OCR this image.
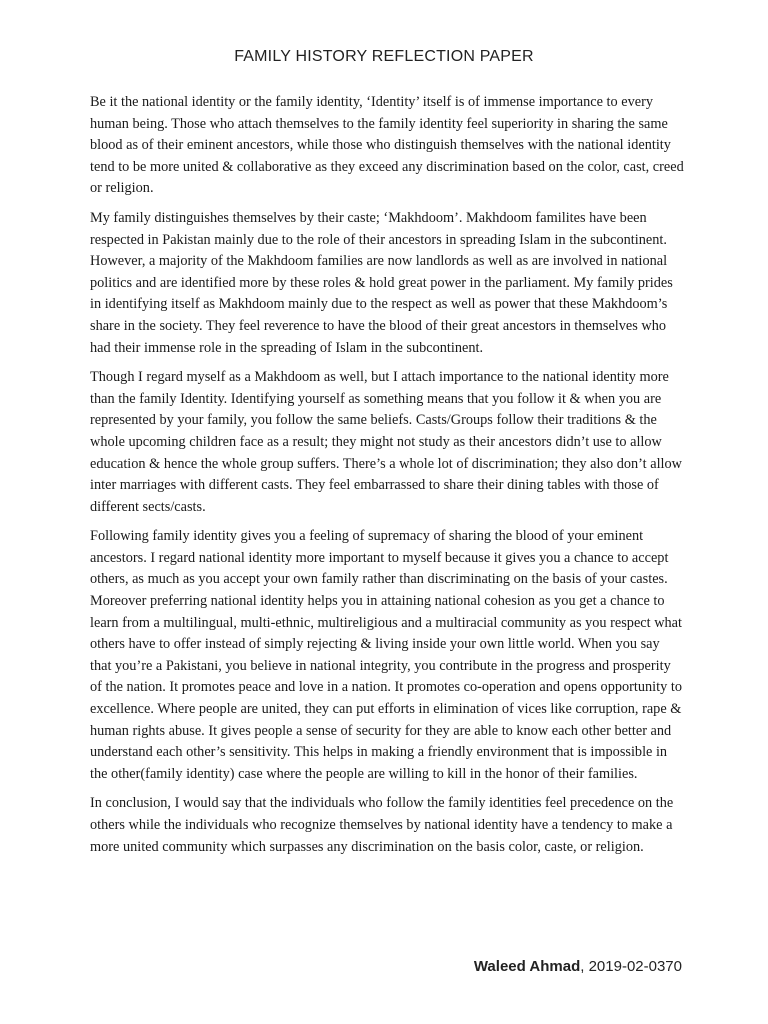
FAMILY HISTORY REFLECTION PAPER

Be it the national identity or the family identity, ‘Identity’ itself is of immense importance to every human being. Those who attach themselves to the family identity feel superiority in sharing the same blood as of their eminent ancestors, while those who distinguish themselves with the national identity tend to be more united & collaborative as they exceed any discrimination based on the color, cast, creed or religion.

My family distinguishes themselves by their caste; ‘Makhdoom’. Makhdoom familites have been respected in Pakistan mainly due to the role of their ancestors in spreading Islam in the subcontinent. However, a majority of the Makhdoom families are now landlords as well as are involved in national politics and are identified more by these roles & hold great power in the parliament. My family prides in identifying itself as Makhdoom mainly due to the respect as well as power that these Makhdoom’s share in the society. They feel reverence to have the blood of their great ancestors in themselves who had their immense role in the spreading of Islam in the subcontinent.

Though I regard myself as a Makhdoom as well, but I attach importance to the national identity more than the family Identity. Identifying yourself as something means that you follow it & when you are represented by your family, you follow the same beliefs. Casts/Groups follow their traditions & the whole upcoming children face as a result; they might not study as their ancestors didn’t use to allow education & hence the whole group suffers. There’s a whole lot of discrimination; they also don’t allow inter marriages with different casts. They feel embarrassed to share their dining tables with those of different sects/casts.

Following family identity gives you a feeling of supremacy of sharing the blood of your eminent ancestors. I regard national identity more important to myself because it gives you a chance to accept others, as much as you accept your own family rather than discriminating on the basis of your castes. Moreover preferring national identity helps you in attaining national cohesion as you get a chance to learn from a multilingual, multi-ethnic, multireligious and a multiracial community as you respect what others have to offer instead of simply rejecting & living inside your own little world. When you say that you’re a Pakistani, you believe in national integrity, you contribute in the progress and prosperity of the nation. It promotes peace and love in a nation. It promotes co-operation and opens opportunity to excellence. Where people are united, they can put efforts in elimination of vices like corruption, rape & human rights abuse. It gives people a sense of security for they are able to know each other better and understand each other’s sensitivity. This helps in making a friendly environment that is impossible in the other(family identity) case where the people are willing to kill in the honor of their families.

In conclusion, I would say that the individuals who follow the family identities feel precedence on the others while the individuals who recognize themselves by national identity have a tendency to make a more united community which surpasses any discrimination on the basis color, caste, or religion.

Waleed Ahmad, 2019-02-0370
